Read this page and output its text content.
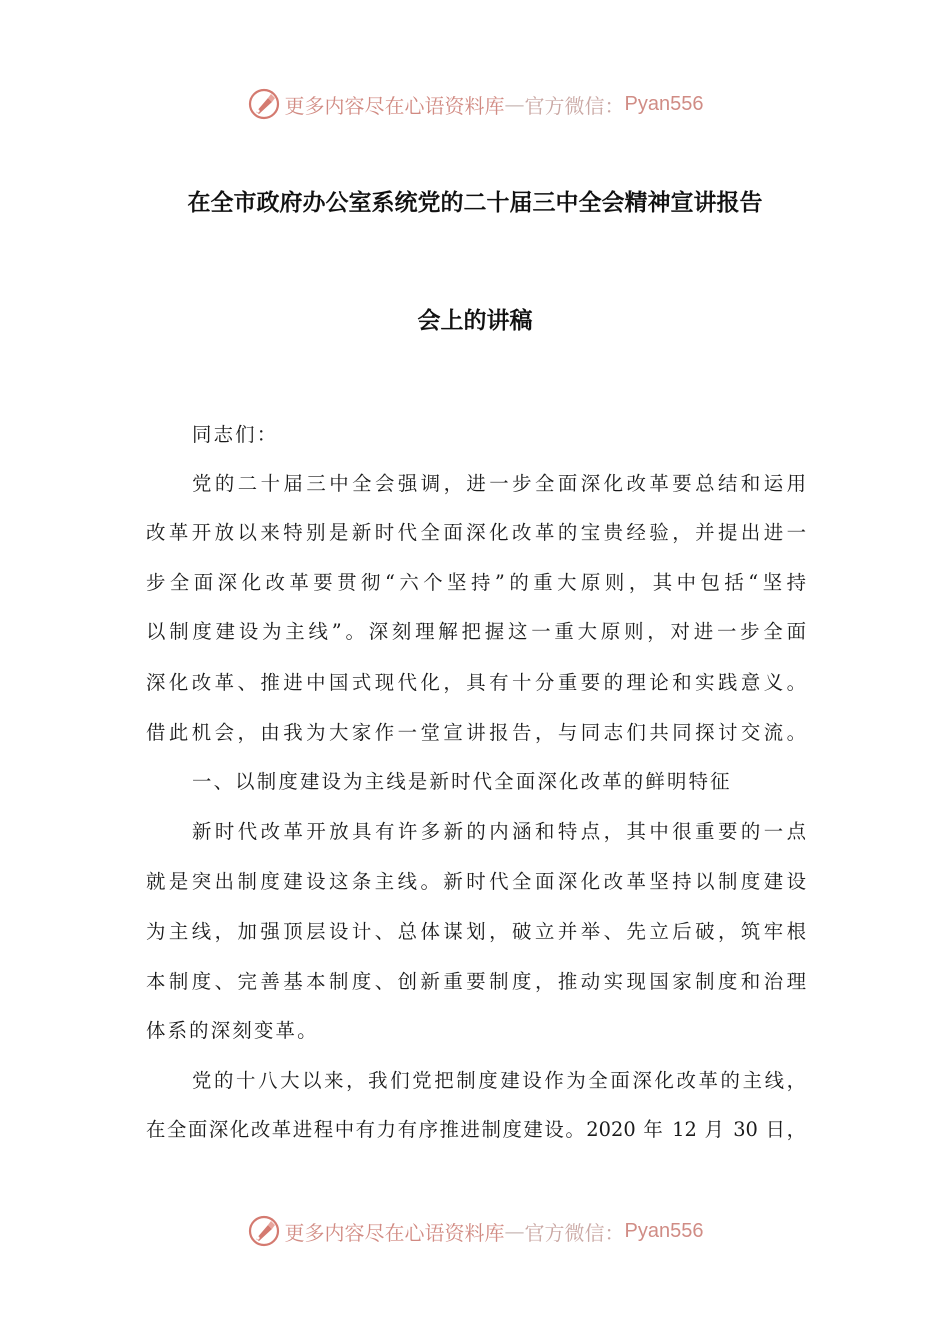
更多内容尽在心语资料库 — 官方微信： Pyan556
在全市政府办公室系统党的二十届三中全会精神宣讲报告
会上的讲稿
同志们：
党的二十届三中全会强调，进一步全面深化改革要总结和运用
改革开放以来特别是新时代全面深化改革的宝贵经验，并提出进一
步全面深化改革要贯彻“六个坚持”的重大原则，其中包括“坚持
以制度建设为主线”。深刻理解把握这一重大原则，对进一步全面
深化改革、推进中国式现代化，具有十分重要的理论和实践意义。
借此机会，由我为大家作一堂宣讲报告，与同志们共同探讨交流。
一、以制度建设为主线是新时代全面深化改革的鲜明特征
新时代改革开放具有许多新的内涵和特点，其中很重要的一点
就是突出制度建设这条主线。新时代全面深化改革坚持以制度建设
为主线，加强顶层设计、总体谋划，破立并举、先立后破，筑牢根
本制度、完善基本制度、创新重要制度，推动实现国家制度和治理
体系的深刻变革。
党的十八大以来，我们党把制度建设作为全面深化改革的主线，
在全面深化改革进程中有力有序推进制度建设。2020 年 12 月 30 日，
更多内容尽在心语资料库 — 官方微信： Pyan556
